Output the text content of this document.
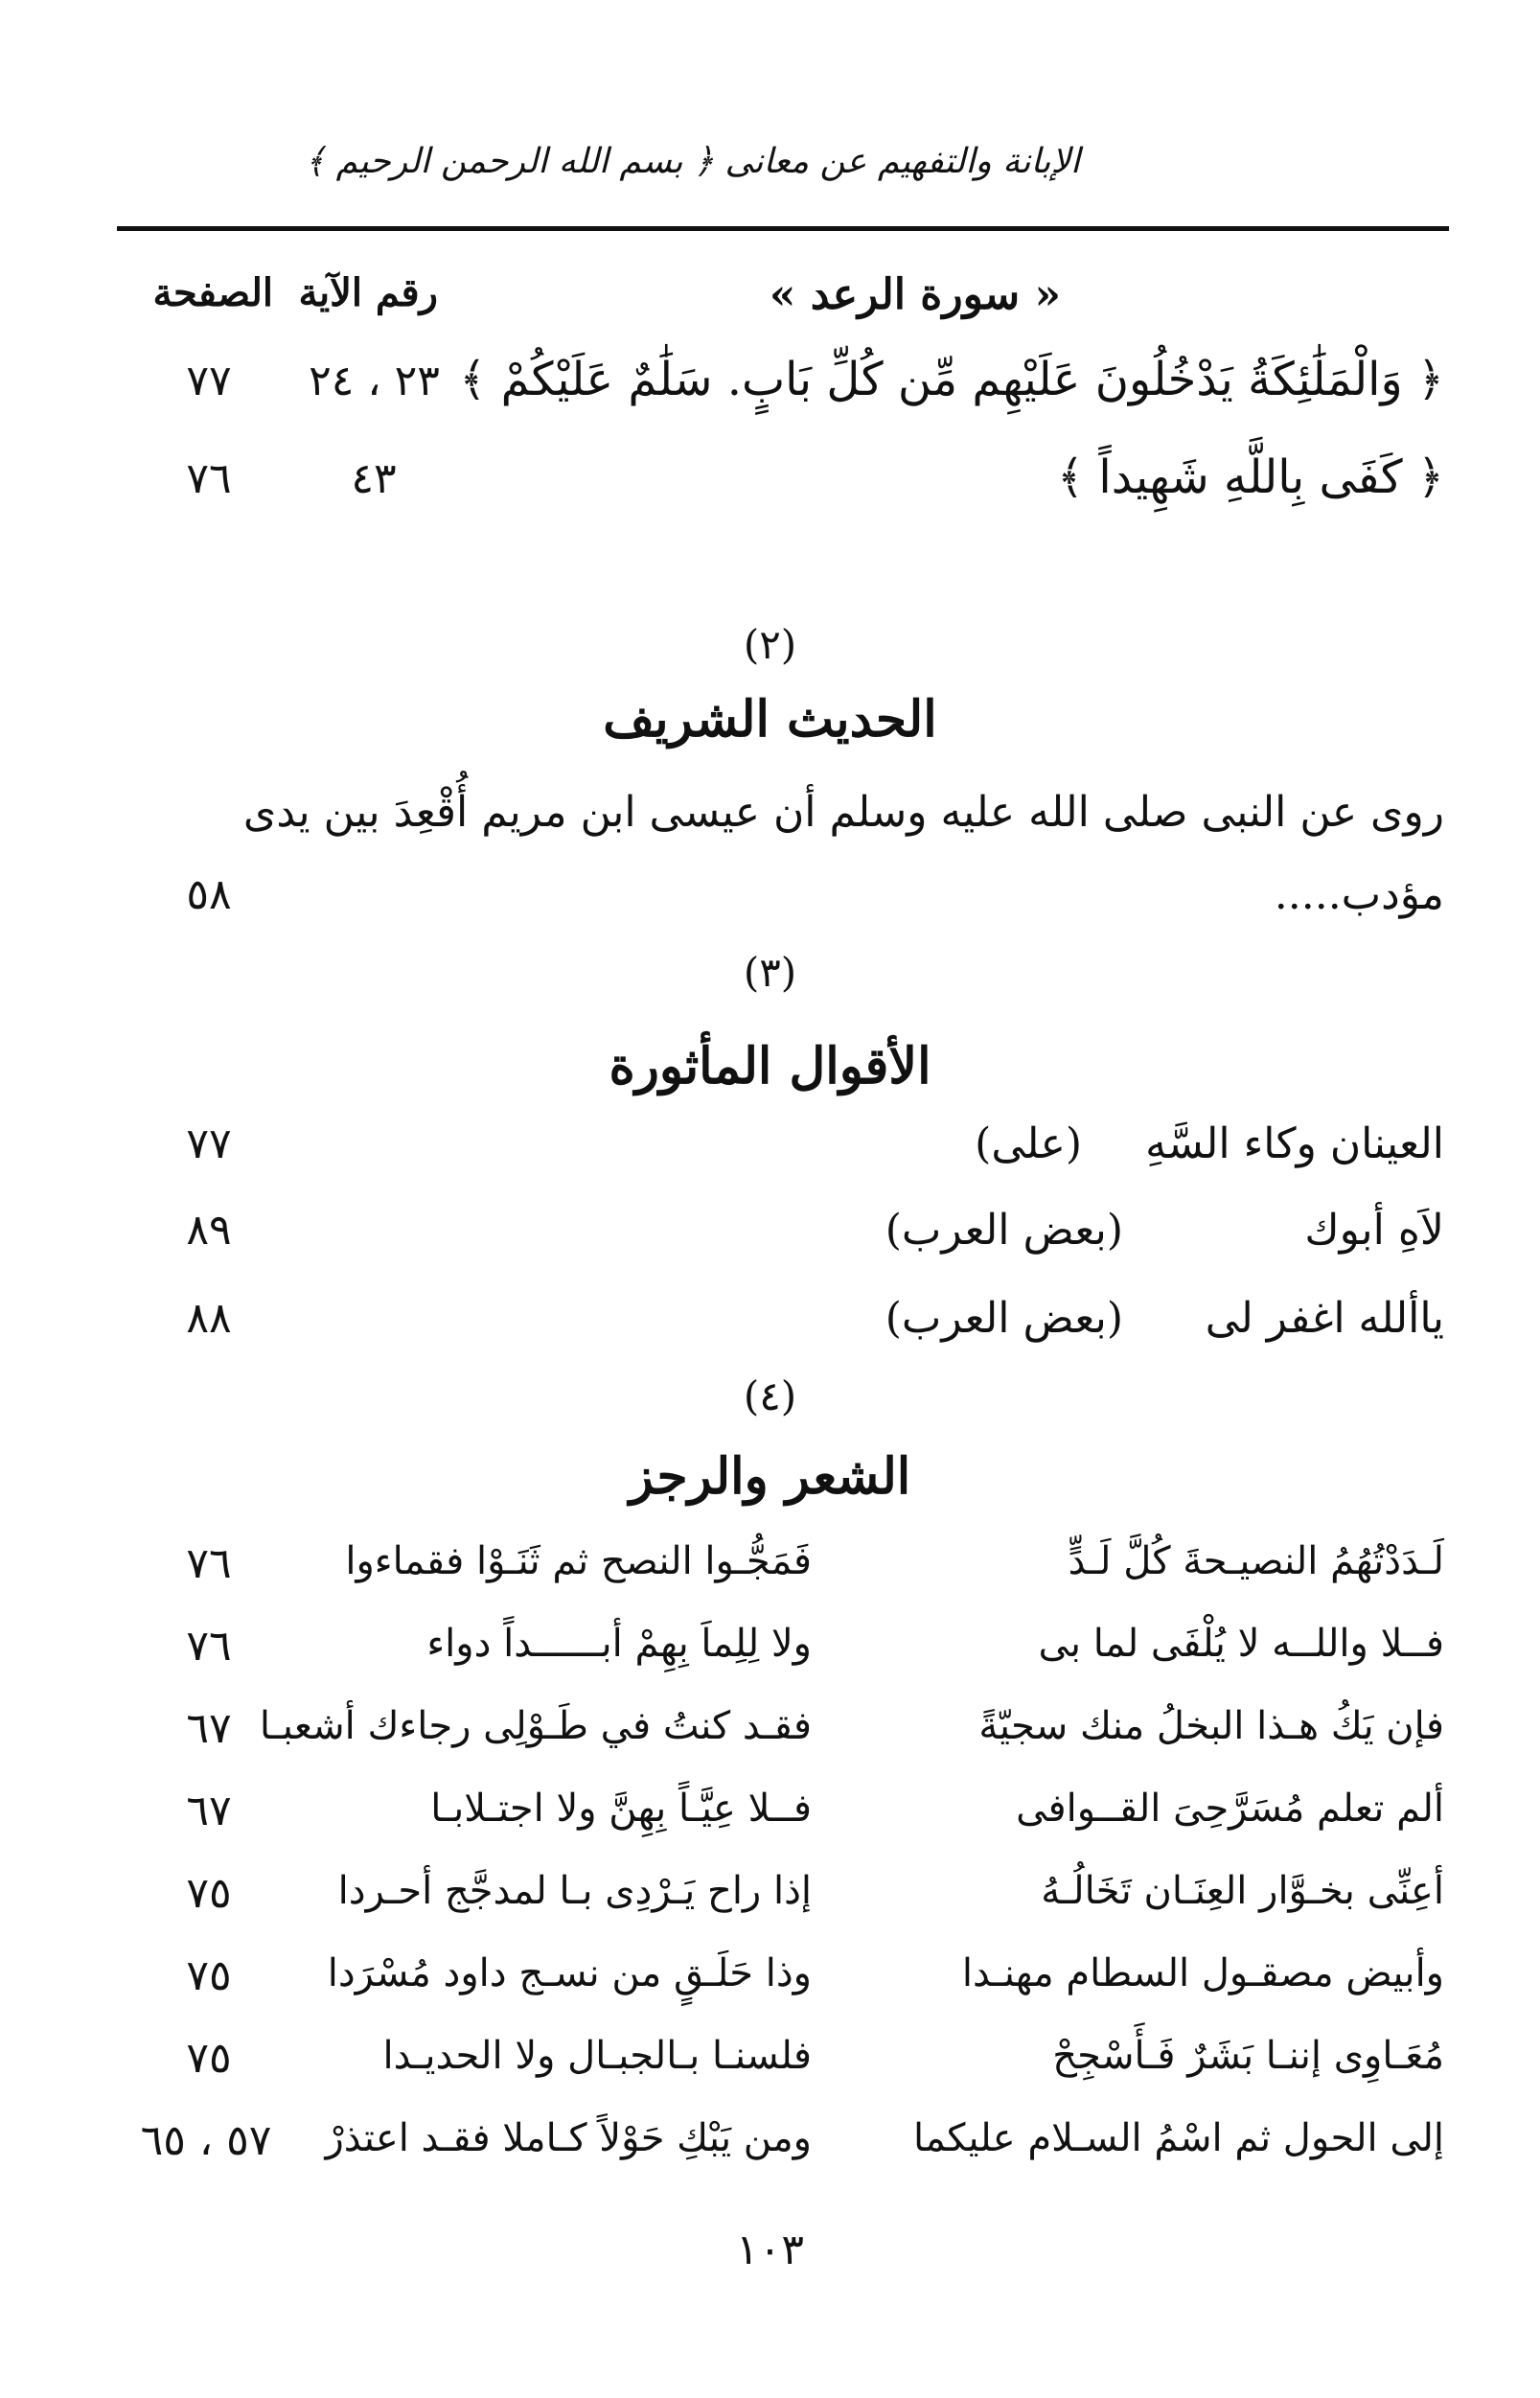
الإبانة والتفهيم عن معانى ﴿ بسم الله الرحمن الرحيم ﴾
« سورة الرعد »
رقم الآية
الصفحة
﴿ وَالْمَلَٰئِكَةُ يَدْخُلُونَ عَلَيْهِم مِّن كُلِّ بَابٍ. سَلَٰمٌ عَلَيْكُمْ ﴾
٢٣ ، ٢٤
٧٧
﴿ كَفَى بِاللَّهِ شَهِيداً ﴾
٤٣
٧٦
(٢)
الحديث الشريف
روى عن النبى صلى الله عليه وسلم أن عيسى ابن مريم أُقْعِدَ بين يدى
مؤدب.....
٥٨
(٣)
الأقوال المأثورة
العينان وكاء السَّهِ
(على)
٧٧
لاَهِ أبوك
(بعض العرب)
٨٩
ياألله اغفر لى
(بعض العرب)
٨٨
(٤)
الشعر والرجز
لَـدَدْتُهُمُ النصيـحةَ كُلَّ لَـدٍّ
فَمَجُّـوا النصح ثم ثَنَـوْا فقماءوا
٧٦
فــلا واللــه لا يُلْفَى لما بى
ولا لِلِماَ بِهِمْ أبــــــداً دواء
٧٦
فإن يَكُ هـذا البخلُ منك سجيّةً
فقـد كنتُ في طَـوْلِى رجاءك أشعبـا
٦٧
ألم تعلم مُسَرَّحِىَ القــوافى
فــلا عِيَّـاً بِهِنَّ ولا اجتـلابـا
٦٧
أعِنِّى بخـوَّار العِنَـان تَخَالُـهُ
إذا راح يَـرْدِى بـا لمدجَّج أحـردا
٧٥
وأبيض مصقـول السطام مهنـدا
وذا حَلَـقٍ من نسـج داود مُسْرَدا
٧٥
مُعَـاوِى إننـا بَشَرٌ فَـأَسْجِحْ
فلسنـا بـالجبـال ولا الحديـدا
٧٥
إلى الحول ثم اسْمُ السـلام عليكما
ومن يَبْكِ حَوْلاً كـاملا فقـد اعتذرْ
٥٧ ، ٦٥
١٠٣
